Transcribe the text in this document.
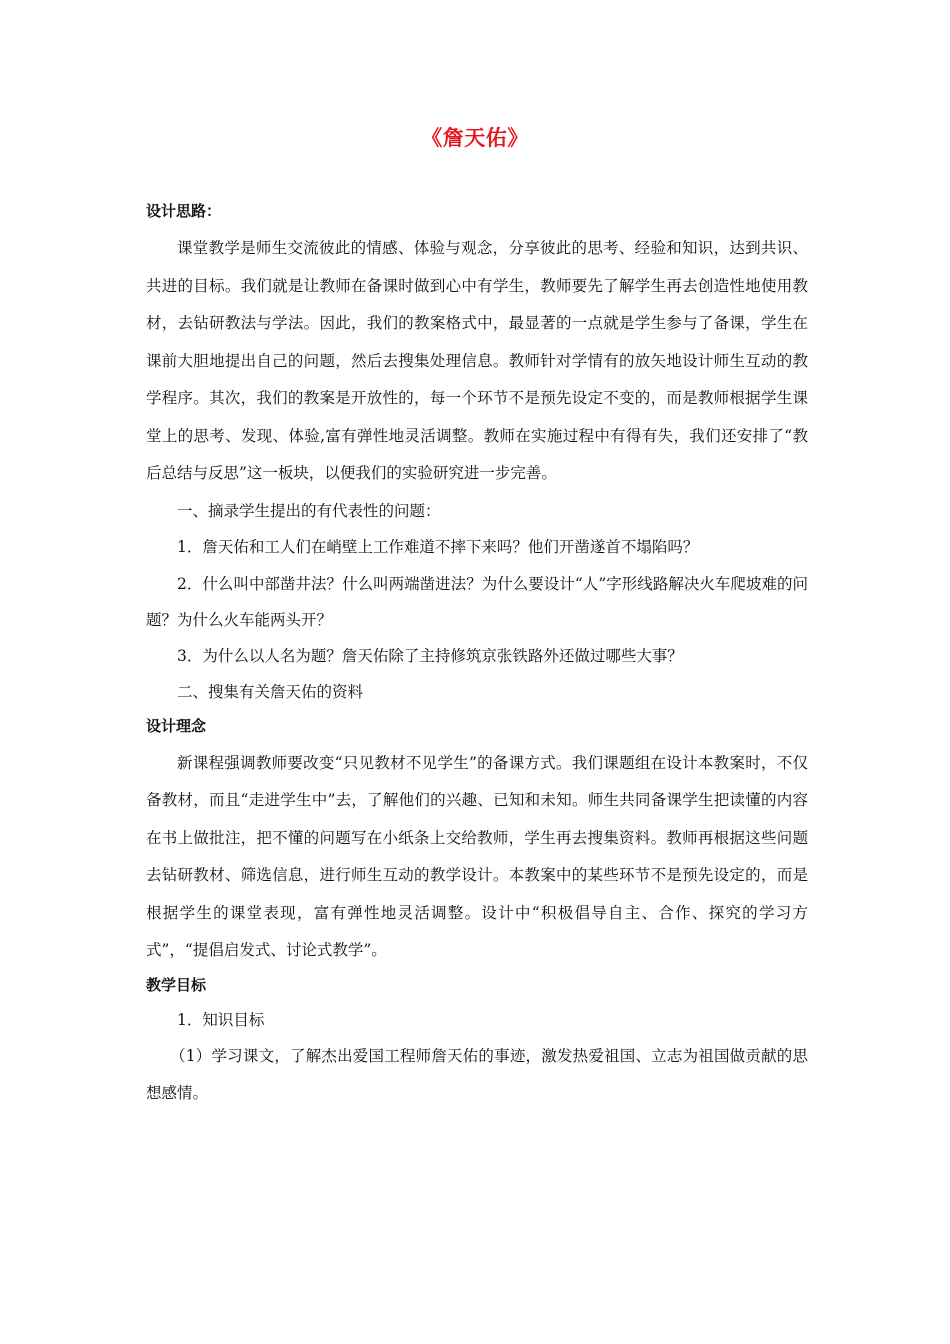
《詹天佑》
设计思路：

课堂教学是师生交流彼此的情感、体验与观念，分享彼此的思考、经验和知识，达到共识、共进的目标。我们就是让教师在备课时做到心中有学生，教师要先了解学生再去创造性地使用教材，去钻研教法与学法。因此，我们的教案格式中，最显著的一点就是学生参与了备课，学生在课前大胆地提出自己的问题，然后去搜集处理信息。教师针对学情有的放矢地设计师生互动的教学程序。其次，我们的教案是开放性的，每一个环节不是预先设定不变的，而是教师根据学生课堂上的思考、发现、体验,富有弹性地灵活调整。教师在实施过程中有得有失，我们还安排了“教后总结与反思”这一板块，以便我们的实验研究进一步完善。

一、摘录学生提出的有代表性的问题：

1．詹天佑和工人们在峭壁上工作难道不摔下来吗？他们开凿遂首不塌陷吗？

2．什么叫中部凿井法？什么叫两端凿进法？为什么要设计“人”字形线路解决火车爬坡难的问题？为什么火车能两头开？

3．为什么以人名为题？詹天佑除了主持修筑京张铁路外还做过哪些大事？

二、搜集有关詹天佑的资料

设计理念

新课程强调教师要改变“只见教材不见学生”的备课方式。我们课题组在设计本教案时，不仅备教材，而且“走进学生中”去，了解他们的兴趣、已知和未知。师生共同备课学生把读懂的内容在书上做批注，把不懂的问题写在小纸条上交给教师，学生再去搜集资料。教师再根据这些问题去钻研教材、筛选信息，进行师生互动的教学设计。本教案中的某些环节不是预先设定的，而是根据学生的课堂表现，富有弹性地灵活调整。设计中“积极倡导自主、合作、探究的学习方式”，“提倡启发式、讨论式教学”。

教学目标

1．知识目标

（1）学习课文，了解杰出爱国工程师詹天佑的事迹，激发热爱祖国、立志为祖国做贡献的思想感情。
